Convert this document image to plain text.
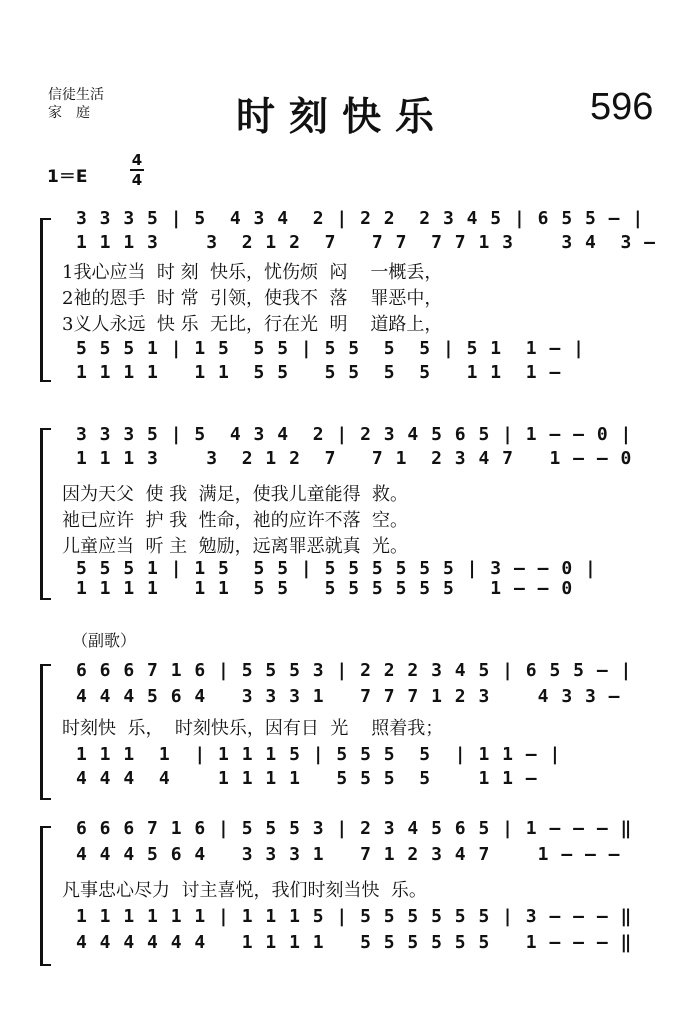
信徒生活
家　庭	时刻快乐	596
1＝E
4
4
3 3 3 5 | 5  4 3 4  2 | 2 2  2 3 4 5 | 6 5 5 – |
1 1 1 3    3  2 1 2  7   7 7  7 7 1 3    3 4  3 –
1我心应当  时 刻  快乐，忧伤烦  闷    一概丢，
2祂的恩手  时 常  引领，使我不  落    罪恶中，
3义人永远  快 乐  无比，行在光  明    道路上，
5 5 5 1 | 1 5  5 5 | 5 5  5  5 | 5 1  1 – |
1 1 1 1   1 1  5 5   5 5  5  5   1 1  1 –
3 3 3 5 | 5  4 3 4  2 | 2 3 4 5 6 5 | 1 – – 0 |
1 1 1 3    3  2 1 2  7   7 1  2 3 4 7   1 – – 0
因为天父  使 我  满足，使我儿童能得  救。
祂已应许  护 我  性命，祂的应许不落  空。
儿童应当  听 主  勉励，远离罪恶就真  光。
5 5 5 1 | 1 5  5 5 | 5 5 5 5 5 5 | 3 – – 0 |
1 1 1 1   1 1  5 5   5 5 5 5 5 5   1 – – 0
（副歌）
6 6 6 7 1 6 | 5 5 5 3 | 2 2 2 3 4 5 | 6 5 5 – |
4 4 4 5 6 4   3 3 3 1   7 7 7 1 2 3    4 3 3 –
时刻快  乐，  时刻快乐，因有日  光    照着我；
1 1 1  1  | 1 1 1 5 | 5 5 5  5  | 1 1 – |
4 4 4  4    1 1 1 1   5 5 5  5    1 1 –
6 6 6 7 1 6 | 5 5 5 3 | 2 3 4 5 6 5 | 1 – – – ‖
4 4 4 5 6 4   3 3 3 1   7 1 2 3 4 7    1 – – –
凡事忠心尽力  讨主喜悦，我们时刻当快  乐。
1 1 1 1 1 1 | 1 1 1 5 | 5 5 5 5 5 5 | 3 – – – ‖
4 4 4 4 4 4   1 1 1 1   5 5 5 5 5 5   1 – – – ‖
